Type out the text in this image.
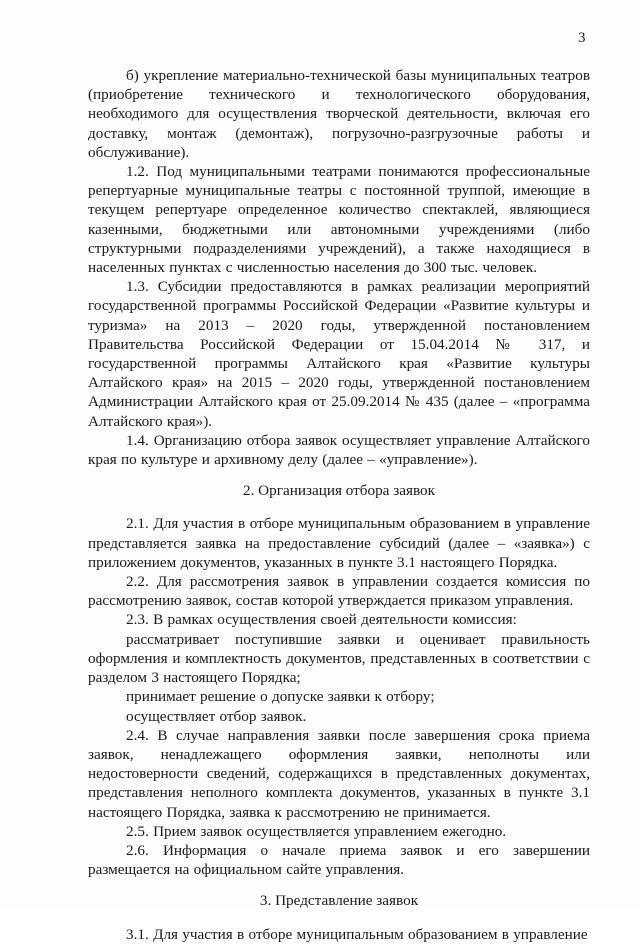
3

б) укрепление материально-технической базы муниципальных театров (приобретение технического и технологического оборудования, необходимого для осуществления творческой деятельности, включая его доставку, монтаж (демонтаж), погрузочно-разгрузочные работы и обслуживание).

1.2. Под муниципальными театрами понимаются профессиональные репертуарные муниципальные театры с постоянной труппой, имеющие в текущем репертуаре определенное количество спектаклей, являющиеся казенными, бюджетными или автономными учреждениями (либо структурными подразделениями учреждений), а также находящиеся в населенных пунктах с численностью населения до 300 тыс. человек.

1.3. Субсидии предоставляются в рамках реализации мероприятий государственной программы Российской Федерации «Развитие культуры и туризма» на 2013 – 2020 годы, утвержденной постановлением Правительства Российской Федерации от 15.04.2014 № 317, и государственной программы Алтайского края «Развитие культуры Алтайского края» на 2015 – 2020 годы, утвержденной постановлением Администрации Алтайского края от 25.09.2014 № 435 (далее – «программа Алтайского края»).

1.4. Организацию отбора заявок осуществляет управление Алтайского края по культуре и архивному делу (далее – «управление»).

2. Организация отбора заявок

2.1. Для участия в отборе муниципальным образованием в управление представляется заявка на предоставление субсидий (далее – «заявка») с приложением документов, указанных в пункте 3.1 настоящего Порядка.

2.2. Для рассмотрения заявок в управлении создается комиссия по рассмотрению заявок, состав которой утверждается приказом управления.

2.3. В рамках осуществления своей деятельности комиссия:

рассматривает поступившие заявки и оценивает правильность оформления и комплектность документов, представленных в соответствии с разделом 3 настоящего Порядка;

принимает решение о допуске заявки к отбору;

осуществляет отбор заявок.

2.4. В случае направления заявки после завершения срока приема заявок, ненадлежащего оформления заявки, неполноты или недостоверности сведений, содержащихся в представленных документах, представления неполного комплекта документов, указанных в пункте 3.1 настоящего Порядка, заявка к рассмотрению не принимается.

2.5. Прием заявок осуществляется управлением ежегодно.

2.6. Информация о начале приема заявок и его завершении размещается на официальном сайте управления.

3. Представление заявок

3.1. Для участия в отборе муниципальным образованием в управление
